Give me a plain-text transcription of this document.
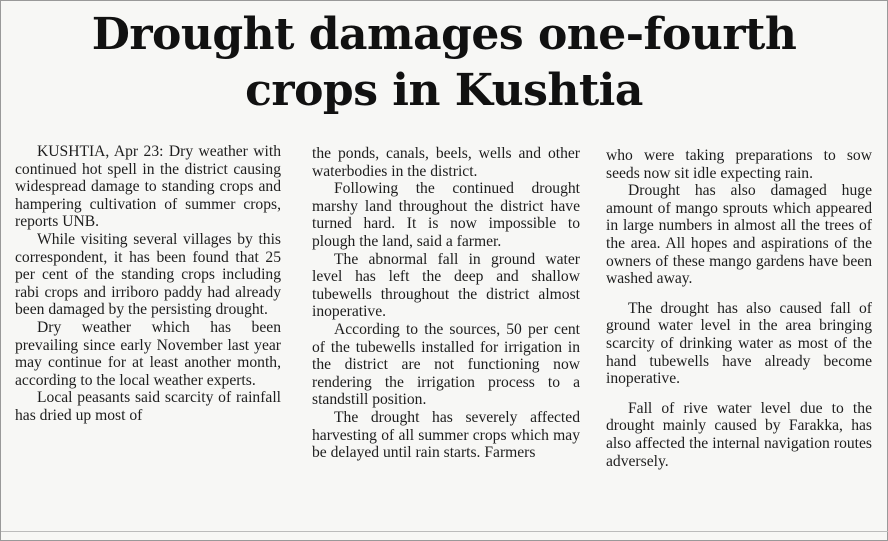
Drought damages one-fourth
crops in Kushtia

KUSHTIA, Apr 23: Dry weather with continued hot spell in the district causing widespread damage to standing crops and hampering cultivation of summer crops, reports UNB.

While visiting several villages by this correspondent, it has been found that 25 per cent of the standing crops including rabi crops and irriboro paddy had already been damaged by the persisting drought.

Dry weather which has been prevailing since early November last year may continue for at least another month, according to the local weather experts.

Local peasants said scarcity of rainfall has dried up most of

the ponds, canals, beels, wells and other waterbodies in the district.

Following the continued drought marshy land throughout the district have turned hard. It is now impossible to plough the land, said a farmer.

The abnormal fall in ground water level has left the deep and shallow tubewells throughout the district almost inoperative.

According to the sources, 50 per cent of the tubewells installed for irrigation in the district are not functioning now rendering the irrigation process to a standstill position.

The drought has severely affected harvesting of all summer crops which may be delayed until rain starts. Farmers

who were taking preparations to sow seeds now sit idle expecting rain.

Drought has also damaged huge amount of mango sprouts which appeared in large numbers in almost all the trees of the area. All hopes and aspirations of the owners of these mango gardens have been washed away.

The drought has also caused fall of ground water level in the area bringing scarcity of drinking water as most of the hand tubewells have already become inoperative.

Fall of rive water level due to the drought mainly caused by Farakka, has also affected the internal navigation routes adversely.
